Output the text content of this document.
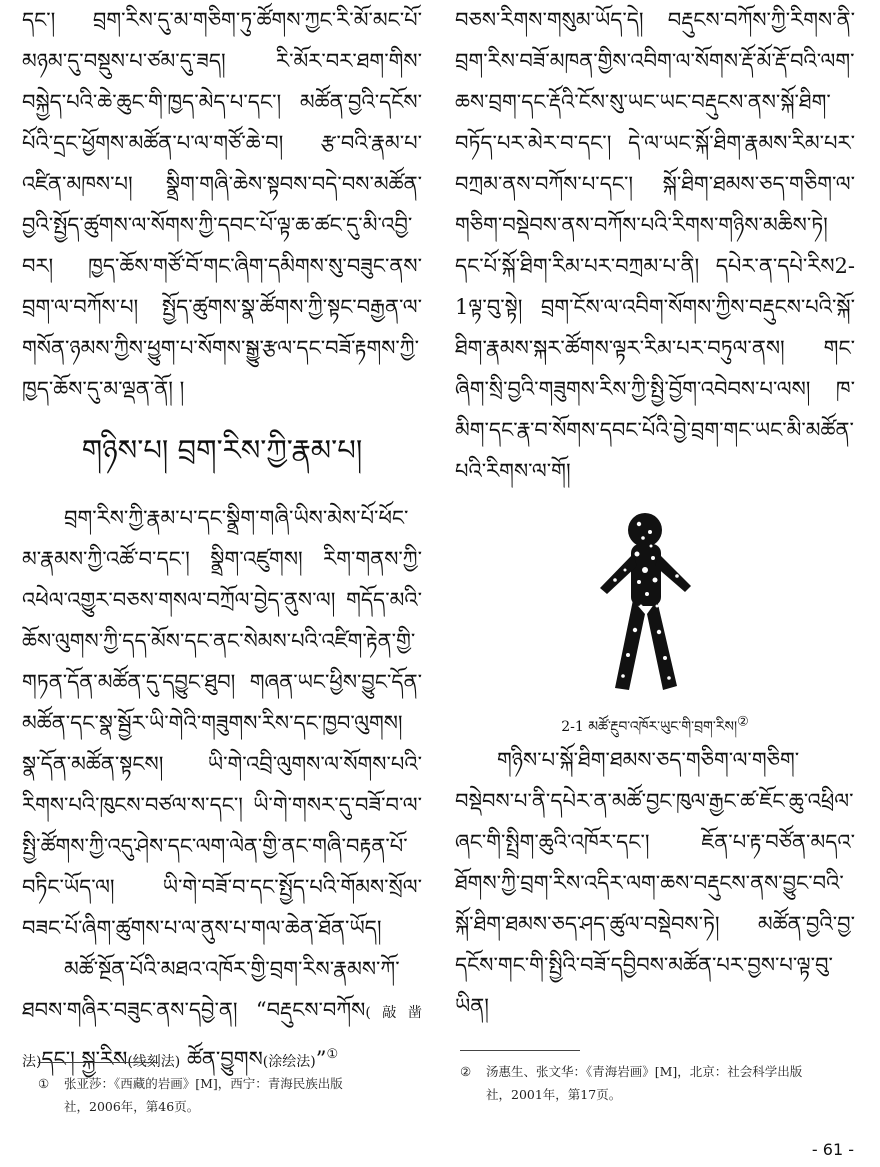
དང་། བྲག་རིས་དུ་མ་གཅིག་ཏུ་ཚོགས་ཀྱང་རི་མོ་མང་པོ་མཉམ་དུ་བསྡུས་པ་ཙམ་དུ་ཟད། རི་མོར་བར་ཐག་གིས་བསྐྱེད་པའི་ཆེ་ཆུང་གི་ཁྱད་མེད་པ་དང་། མཚོན་བྱའི་དངོས་པོའི་དྲང་ཕྱོགས་མཚོན་པ་ལ་གཙོ་ཆེ་བ། རྩ་བའི་རྣམ་པ་འཛིན་མཁས་པ། སྣྲིག་གཞི་ཆེས་སྟབས་བདེ་བས་མཚོན་བྱའི་སྤྱོད་ཚུགས་ལ་སོགས་ཀྱི་དབང་པོ་ལྟ་ཆ་ཚང་དུ་མི་འབྱི་བར། ཁྱད་ཆོས་གཙོ་བོ་གང་ཞིག་དམིགས་སུ་བཟུང་ནས་བྲག་ལ་བཀོས་པ། སྤྱོད་ཚུགས་སྣ་ཚོགས་ཀྱི་སྟང་བརྒྱན་ལ་གསོན་ཉམས་ཀྱིས་ཕྱུག་པ་སོགས་སྒྱུ་རྩལ་དང་བཟོ་རྟགས་ཀྱི་ཁྱད་ཆོས་དུ་མ་ལྡན་ནོ། །

གཉིས་པ། བྲག་རིས་ཀྱི་རྣམ་པ།

བྲག་རིས་ཀྱི་རྣམ་པ་དང་སྣྲིག་གཞི་ཡིས་མེས་པོ་ཕོང་མ་རྣམས་ཀྱི་འཚོ་བ་དང་། སྣྲིག་འཛུགས། རིག་གནས་ཀྱི་འཕེལ་འགྱུར་བཅས་གསལ་བཀྲོལ་བྱེད་ནུས་ལ། གདོད་མའི་ཆོས་ལུགས་ཀྱི་དད་མོས་དང་ནང་སེམས་པའི་འཛིག་རྟེན་གྱི་གཏན་དོན་མཚོན་དུ་དབྱུང་ཐུབ། གཞན་ཡང་ཕྱིས་བྱུང་དོན་མཚོན་དང་སྣ་སྦྱོར་ཡི་གེའི་གཟུགས་རིས་དང་ཁྱབ་ལུགས། སྣ་དོན་མཚོན་སྟངས། ཡི་གེ་འབྲི་ལུགས་ལ་སོགས་པའི་རིགས་པའི་ཁུངས་བཙལ་ས་དང་། ཡི་གེ་གསར་དུ་བཟོ་བ་ལ་སྤྱི་ཚོགས་ཀྱི་འདུ་ཤེས་དང་ལག་ལེན་གྱི་ནང་གཞི་བརྟན་པོ་བཏིང་ཡོད་ལ། ཡི་གེ་བཟོ་བ་དང་སྤྱོད་པའི་གོམས་སྲོལ་བཟང་པོ་ཞིག་ཚུགས་པ་ལ་ནུས་པ་གལ་ཆེན་ཐོན་ཡོད།

མཚོ་སྔོན་པོའི་མཐའ་འཁོར་གྱི་བྲག་རིས་རྣམས་ཀོ་ཐབས་གཞིར་བཟུང་ནས་དབྱེ་ན། “བརྡུངས་བཀོས(敲凿法)དང་། སྐྱ་རིས(线刻法) ཚོན་བྱུགས(涂绘法)”①

① 张亚莎：《西藏的岩画》[M]，西宁：青海民族出版
社，2006年，第46页。

བཅས་རིགས་གསུམ་ཡོད་དེ། བརྡུངས་བཀོས་ཀྱི་རིགས་ནི་བྲག་རིས་བཟོ་མཁན་གྱིས་འབིག་ལ་སོགས་རྡོ་མོ་རྡོ་བའི་ལག་ཆས་བྲག་དང་རྡོའི་ངོས་སུ་ཡང་ཡང་བརྡུངས་ནས་སྐོ་ཐིག་བཏོད་པར་མེར་བ་དང་། དེ་ལ་ཡང་སྐོ་ཐིག་རྣམས་རིམ་པར་བཀྲམ་ནས་བཀོས་པ་དང་། སྐོ་ཐིག་ཐམས་ཅད་གཅིག་ལ་གཅིག་བསྡེབས་ནས་བཀོས་པའི་རིགས་གཉིས་མཆིས་ཏེ། དང་པོ་སྐོ་ཐིག་རིམ་པར་བཀྲམ་པ་ནི། དཔེར་ན་དཔེ་རིས2-1ལྟ་བུ་སྟེ། བྲག་ངོས་ལ་འབིག་སོགས་ཀྱིས་བརྡུངས་པའི་སྐོ་ཐིག་རྣམས་སྐར་ཚོགས་ལྟར་རིམ་པར་བཏུལ་ནས། གང་ཞིག་སྲི་བྱའི་གཟུགས་རིས་ཀྱི་སྤྱི་བྱོག་འབེབས་པ་ལས། ཁ་མིག་དང་རྣ་བ་སོགས་དབང་པོའི་བྱེ་བྲག་གང་ཡང་མི་མཚོན་པའི་རིགས་ལ་གོ།

2-1 མཚོ་རྔུབ་འཁོར་ཡུང་གི་བྲག་རིས།②

གཉིས་པ་སྐོ་ཐིག་ཐམས་ཅད་གཅིག་ལ་གཅིག་བསྡེབས་པ་ནི་དཔེར་ན་མཚོ་བྱང་ཁུལ་རྒྱང་ཚ་ཇོང་ཆུ་འཕྲིལ་ཞང་གི་སྤྲིག་ཆུའི་འཁོར་དང་། ཇོན་པ་རྟ་བཙོན་མདའ་ཐོགས་ཀྱི་བྲག་རིས་འདིར་ལག་ཆས་བརྡུངས་ནས་བྱུང་བའི་སྐོ་ཐིག་ཐམས་ཅད་ཤད་ཚུལ་བསྡེབས་ཏེ། མཚོན་བྱའི་བྱ་དངོས་གང་གི་སྤྱིའི་བཟོ་དབྱིབས་མཚོན་པར་བྱས་པ་ལྟ་བུ་ཡིན།

② 汤惠生、张文华：《青海岩画》[M]，北京：社会科学出版
社，2001年，第17页。
- 61 -
